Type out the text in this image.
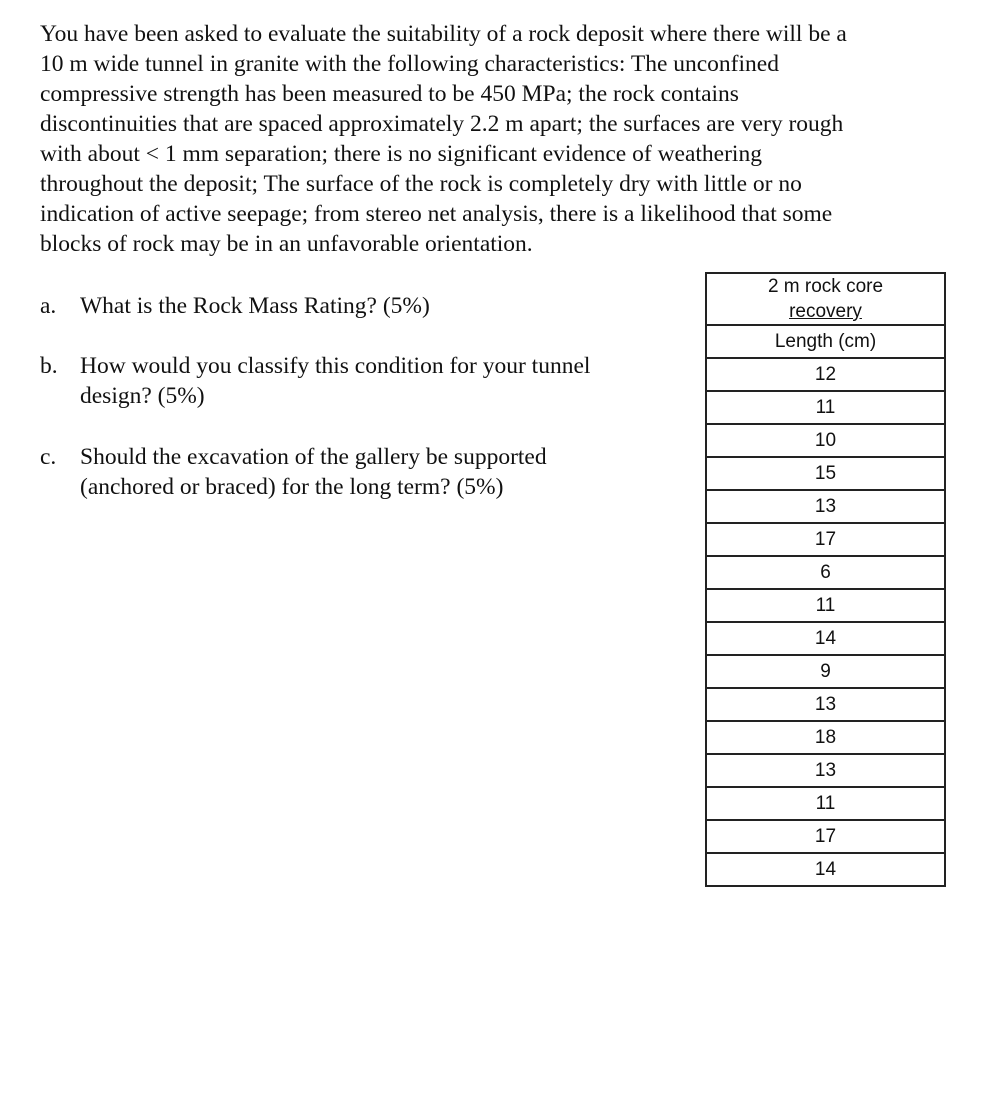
You have been asked to evaluate the suitability of a rock deposit where there will be a
10 m wide tunnel in granite with the following characteristics: The unconfined
compressive strength has been measured to be 450 MPa; the rock contains
discontinuities that are spaced approximately 2.2 m apart; the surfaces are very rough
with about < 1 mm separation; there is no significant evidence of weathering
throughout the deposit; The surface of the rock is completely dry with little or no
indication of active seepage; from stereo net analysis, there is a likelihood that some
blocks of rock may be in an unfavorable orientation.
a. What is the Rock Mass Rating? (5%)
b. How would you classify this condition for your tunnel
design? (5%)
c. Should the excavation of the gallery be supported
(anchored or braced) for the long term? (5%)
2 m rock core
recovery

Length (cm)
12
11
10
15
13
17
6
11
14
9
13
18
13
11
17
14
